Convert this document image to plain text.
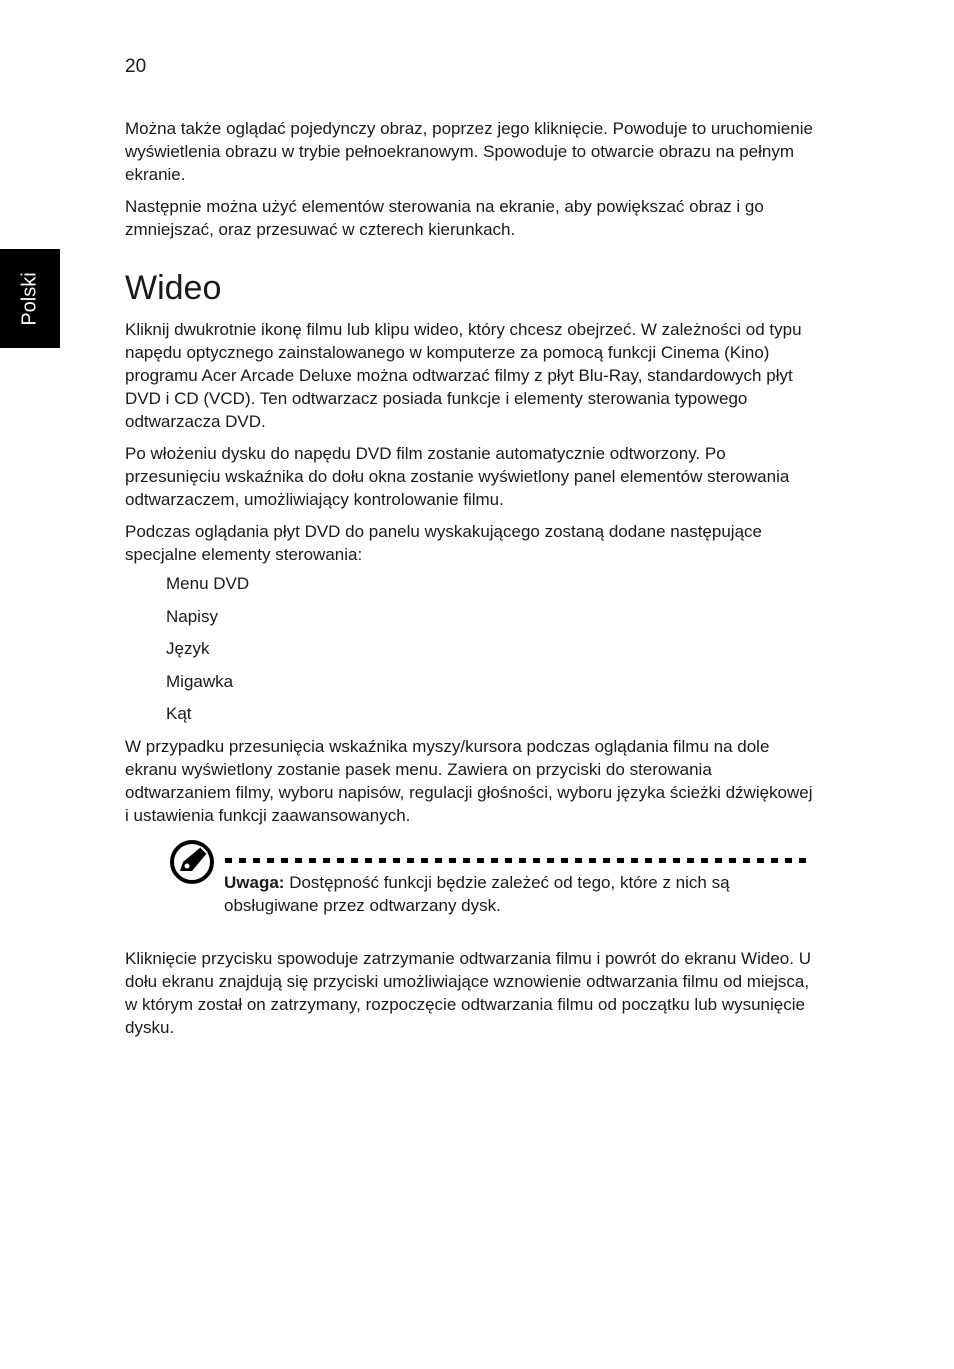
20
Polski

Można także oglądać pojedynczy obraz, poprzez jego kliknięcie. Powoduje to uruchomienie wyświetlenia obrazu w trybie pełnoekranowym. Spowoduje to otwarcie obrazu na pełnym ekranie.

Następnie można użyć elementów sterowania na ekranie, aby powiększać obraz i go zmniejszać, oraz przesuwać w czterech kierunkach.

Wideo

Kliknij dwukrotnie ikonę filmu lub klipu wideo, który chcesz obejrzeć. W zależności od typu napędu optycznego zainstalowanego w komputerze za pomocą funkcji Cinema (Kino) programu Acer Arcade Deluxe można odtwarzać filmy z płyt Blu-Ray, standardowych płyt DVD i CD (VCD). Ten odtwarzacz posiada funkcje i elementy sterowania typowego odtwarzacza DVD.

Po włożeniu dysku do napędu DVD film zostanie automatycznie odtworzony. Po przesunięciu wskaźnika do dołu okna zostanie wyświetlony panel elementów sterowania odtwarzaczem, umożliwiający kontrolowanie filmu.

Podczas oglądania płyt DVD do panelu wyskakującego zostaną dodane następujące specjalne elementy sterowania:

Menu DVD
Napisy
Język
Migawka
Kąt

W przypadku przesunięcia wskaźnika myszy/kursora podczas oglądania filmu na dole ekranu wyświetlony zostanie pasek menu. Zawiera on przyciski do sterowania odtwarzaniem filmy, wyboru napisów, regulacji głośności, wyboru języka ścieżki dźwiękowej i ustawienia funkcji zaawansowanych.

Uwaga: Dostępność funkcji będzie zależeć od tego, które z nich są obsługiwane przez odtwarzany dysk.

Kliknięcie przycisku spowoduje zatrzymanie odtwarzania filmu i powrót do ekranu Wideo. U dołu ekranu znajdują się przyciski umożliwiające wznowienie odtwarzania filmu od miejsca, w którym został on zatrzymany, rozpoczęcie odtwarzania filmu od początku lub wysunięcie dysku.
